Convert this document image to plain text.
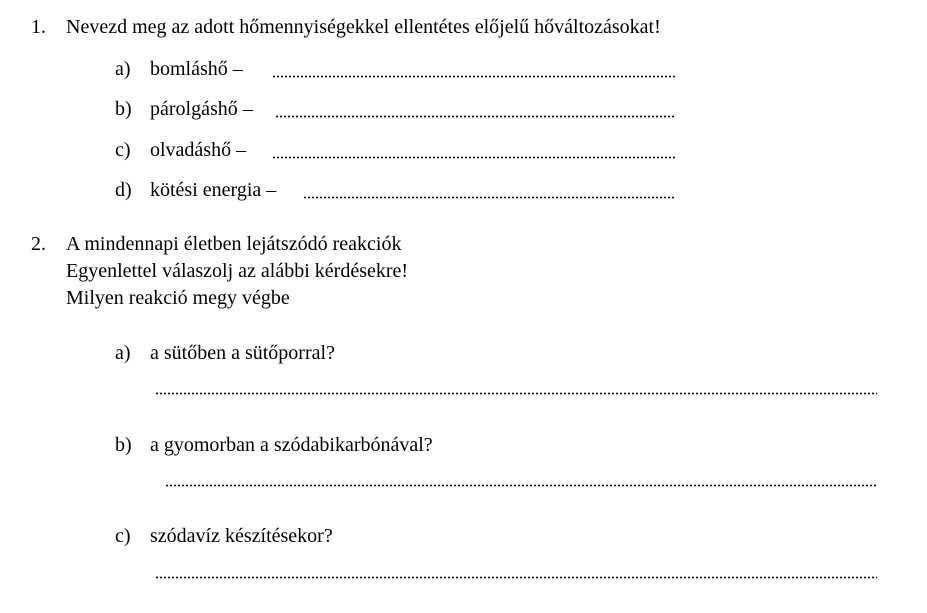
1. Nevezd meg az adott hőmennyiségekkel ellentétes előjelű hőváltozásokat!
a) bomláshő –
b) párolgáshő –
c) olvadáshő –
d) kötési energia –
2. A mindennapi életben lejátszódó reakciók
Egyenlettel válaszolj az alábbi kérdésekre!
Milyen reakció megy végbe
a) a sütőben a sütőporral?
b) a gyomorban a szódabikarbónával?
c) szódavíz készítésekor?
